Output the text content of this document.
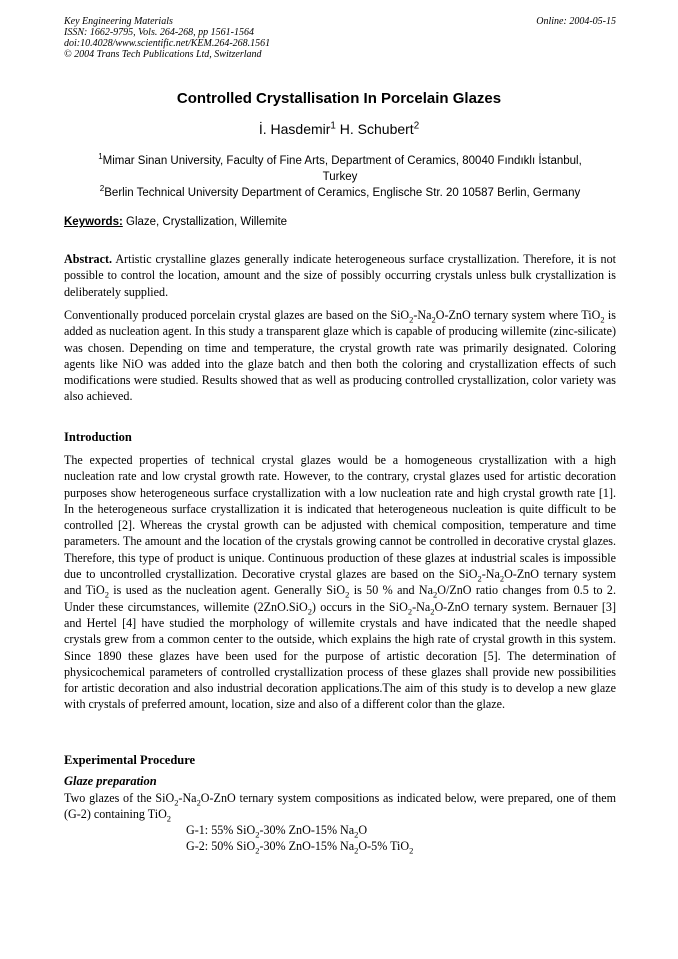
Key Engineering Materials
ISSN: 1662-9795, Vols. 264-268, pp 1561-1564
doi:10.4028/www.scientific.net/KEM.264-268.1561
© 2004 Trans Tech Publications Ltd, Switzerland
Online: 2004-05-15
Controlled Crystallisation In Porcelain Glazes
İ. Hasdemir$^1$ H. Schubert$^2$
$^1$Mimar Sinan University, Faculty of Fine Arts, Department of Ceramics, 80040 Fındıklı İstanbul,
Turkey
$^2$Berlin Technical University Department of Ceramics, Englische Str. 20 10587 Berlin, Germany
Keywords: Glaze, Crystallization, Willemite
Abstract. Artistic crystalline glazes generally indicate heterogeneous surface crystallization. Therefore, it is not possible to control the location, amount and the size of possibly occurring crystals unless bulk crystallization is deliberately supplied.
Conventionally produced porcelain crystal glazes are based on the $SiO_2-Na_2O$-ZnO ternary system where TiO$_2$ is added as nucleation agent. In this study a transparent glaze which is capable of producing willemite (zinc-silicate) was chosen. Depending on time and temperature, the crystal growth rate was primarily designated. Coloring agents like NiO was added into the glaze batch and then both the coloring and crystallization effects of such modifications were studied. Results showed that as well as producing controlled crystallization, color variety was also achieved.
Introduction
The expected properties of technical crystal glazes would be a homogeneous crystallization with a high nucleation rate and low crystal growth rate. However, to the contrary, crystal glazes used for artistic decoration purposes show heterogeneous surface crystallization with a low nucleation rate and high crystal growth rate [1]. In the heterogeneous surface crystallization it is indicated that heterogeneous nucleation is quite difficult to be controlled [2]. Whereas the crystal growth can be adjusted with chemical composition, temperature and time parameters. The amount and the location of the crystals growing cannot be controlled in decorative crystal glazes. Therefore, this type of product is unique. Continuous production of these glazes at industrial scales is impossible due to uncontrolled crystallization. Decorative crystal glazes are based on the $SiO_2-Na_2O$-ZnO ternary system and TiO$_2$ is used as the nucleation agent. Generally SiO$_2$ is 50 % and $Na_2O$/ZnO ratio changes from 0.5 to 2. Under these circumstances, willemite (2ZnO.SiO$_2$) occurs in the $SiO_2-Na_2O$-ZnO ternary system. Bernauer [3] and Hertel [4] have studied the morphology of willemite crystals and have indicated that the needle shaped crystals grew from a common center to the outside, which explains the high rate of crystal growth in this system. Since 1890 these glazes have been used for the purpose of artistic decoration [5]. The determination of physicochemical parameters of controlled crystallization process of these glazes shall provide new possibilities for artistic decoration and also industrial decoration applications.The aim of this study is to develop a new glaze with crystals of preferred amount, location, size and also of a different color than the glaze.
Experimental Procedure
Glaze preparation
Two glazes of the $SiO_2-Na_2O$-ZnO ternary system compositions as indicated below, were prepared, one of them (G-2) containing TiO$_2$
G-1: 55% SiO$_2$-30% ZnO-15% $Na_2O$
G-2: 50% SiO$_2$-30% ZnO-15% $Na_2O-5\%$ TiO$_2$
